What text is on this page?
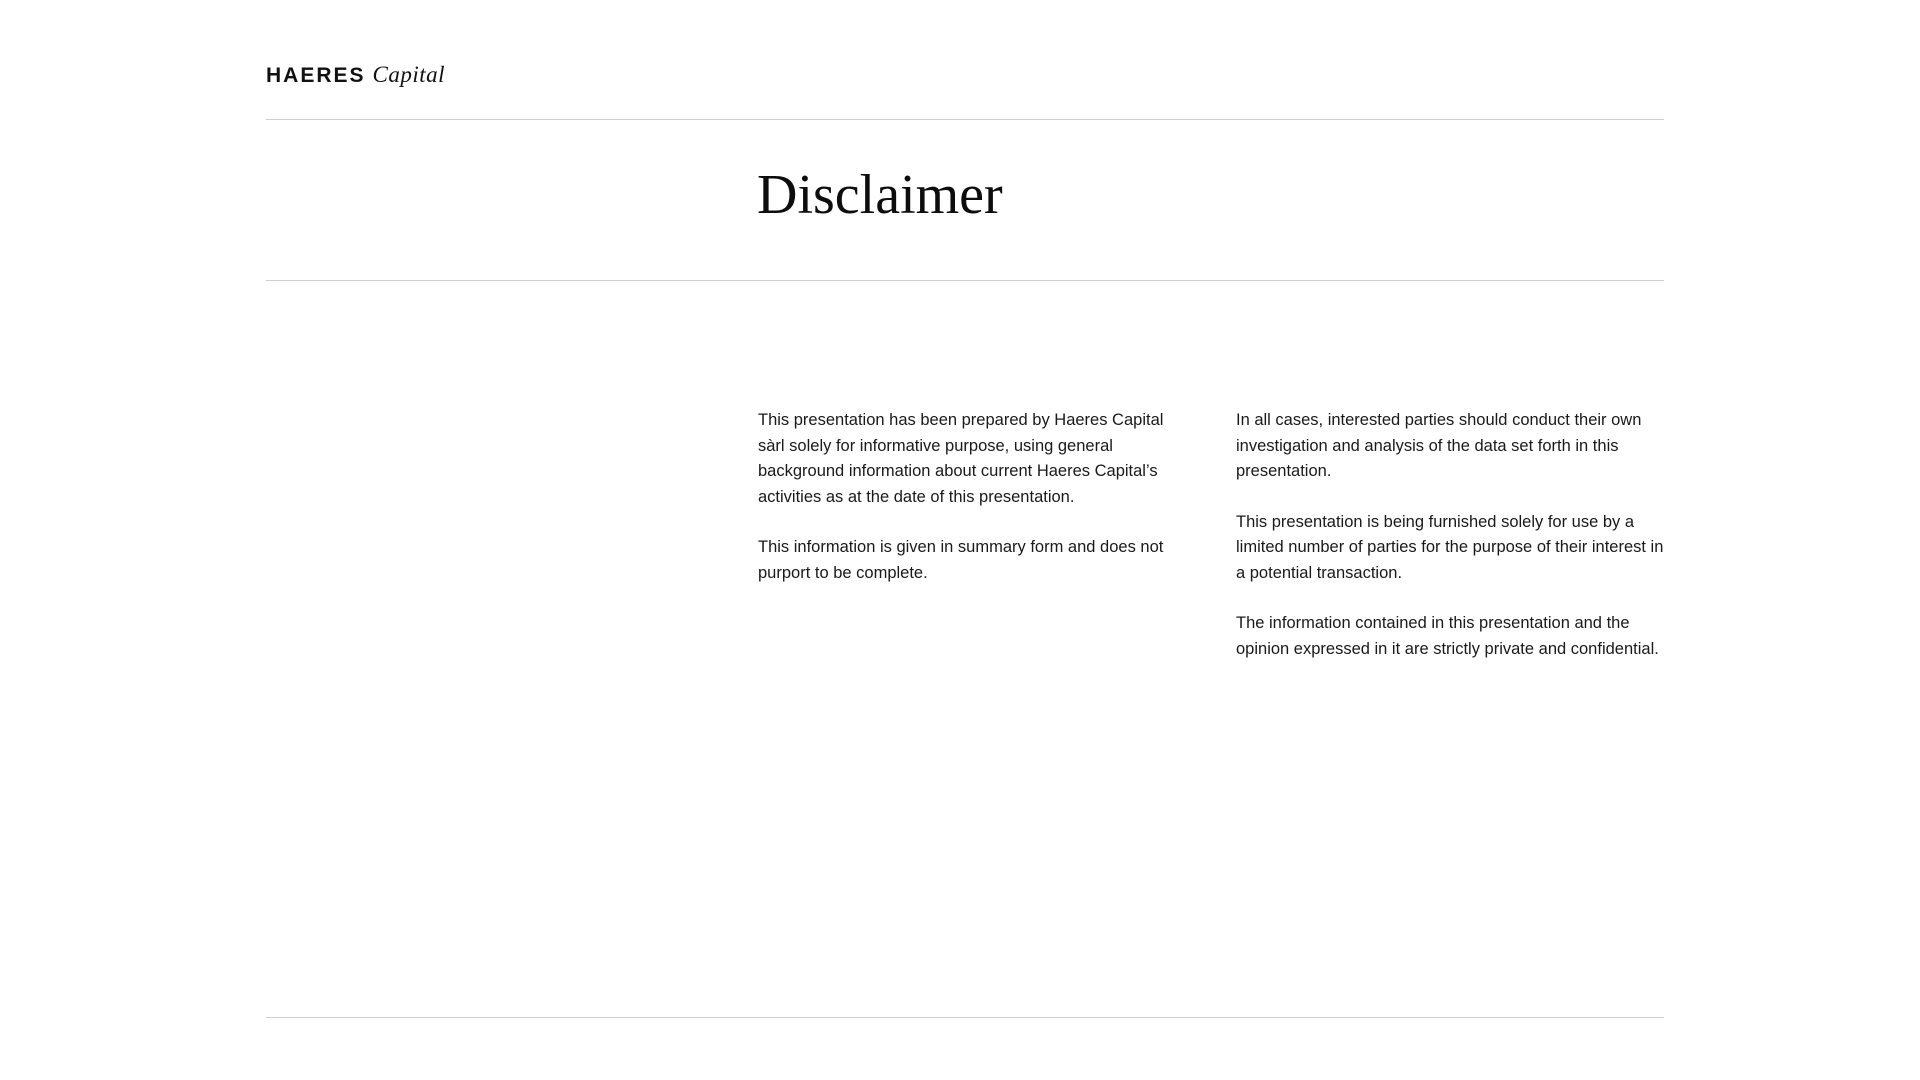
HAERES Capital
Disclaimer

This presentation has been prepared by Haeres Capital sàrl solely for informative purpose, using general background information about current Haeres Capital’s activities as at the date of this presentation.

This information is given in summary form and does not purport to be complete.

In all cases, interested parties should conduct their own investigation and analysis of the data set forth in this presentation.

This presentation is being furnished solely for use by a limited number of parties for the purpose of their interest in a potential transaction.

The information contained in this presentation and the opinion expressed in it are strictly private and confidential.
